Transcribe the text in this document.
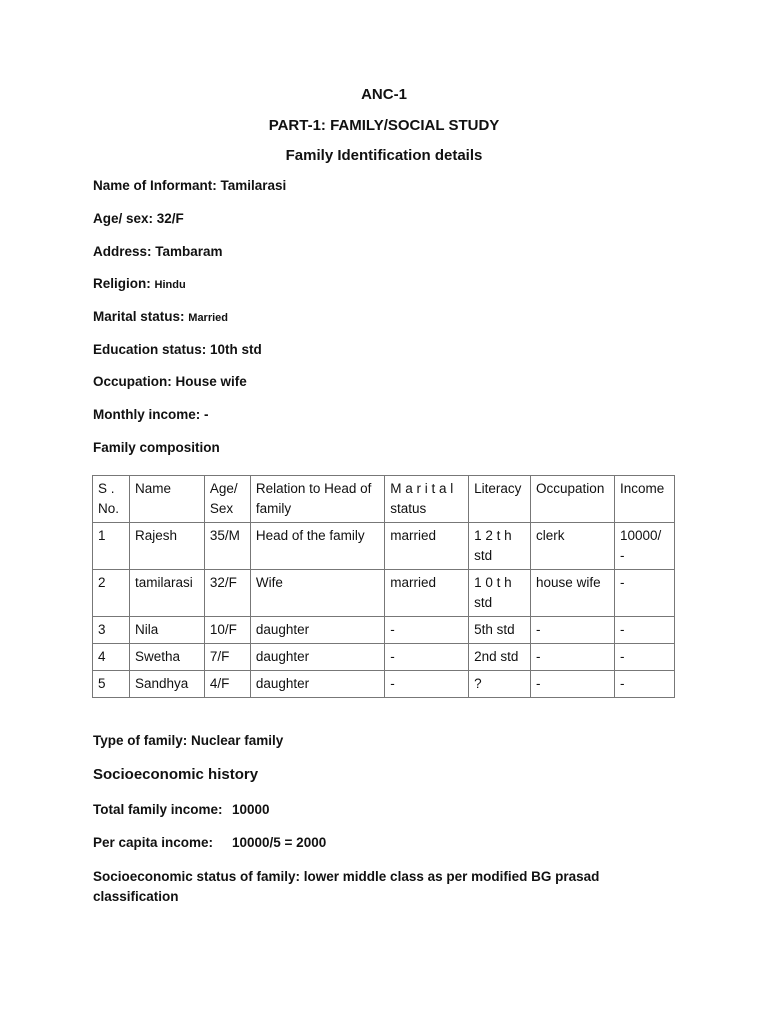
ANC-1
PART-1: FAMILY/SOCIAL STUDY
Family Identification details
Name of Informant: Tamilarasi
Age/ sex: 32/F
Address: Tambaram
Religion: Hindu
Marital status: Married
Education status: 10th std
Occupation: House wife
Monthly income: -
Family composition
S . No.	Name	Age/ Sex	Relation to Head of family	M a r i t a l status	Literacy	Occupation	Income
1	Rajesh	35/M	Head of the family	married	1 2 t h std	clerk	10000/ -
2	tamilarasi	32/F	Wife	married	1 0 t h std	house wife	-
3	Nila	10/F	daughter	-	5th std	-	-
4	Swetha	7/F	daughter	-	2nd std	-	-
5	Sandhya	4/F	daughter	-	?	-	-
Type of family: Nuclear family
Socioeconomic history
Total family income: 10000
Per capita income: 10000/5 = 2000
Socioeconomic status of family: lower middle class as per modified BG prasad classification
